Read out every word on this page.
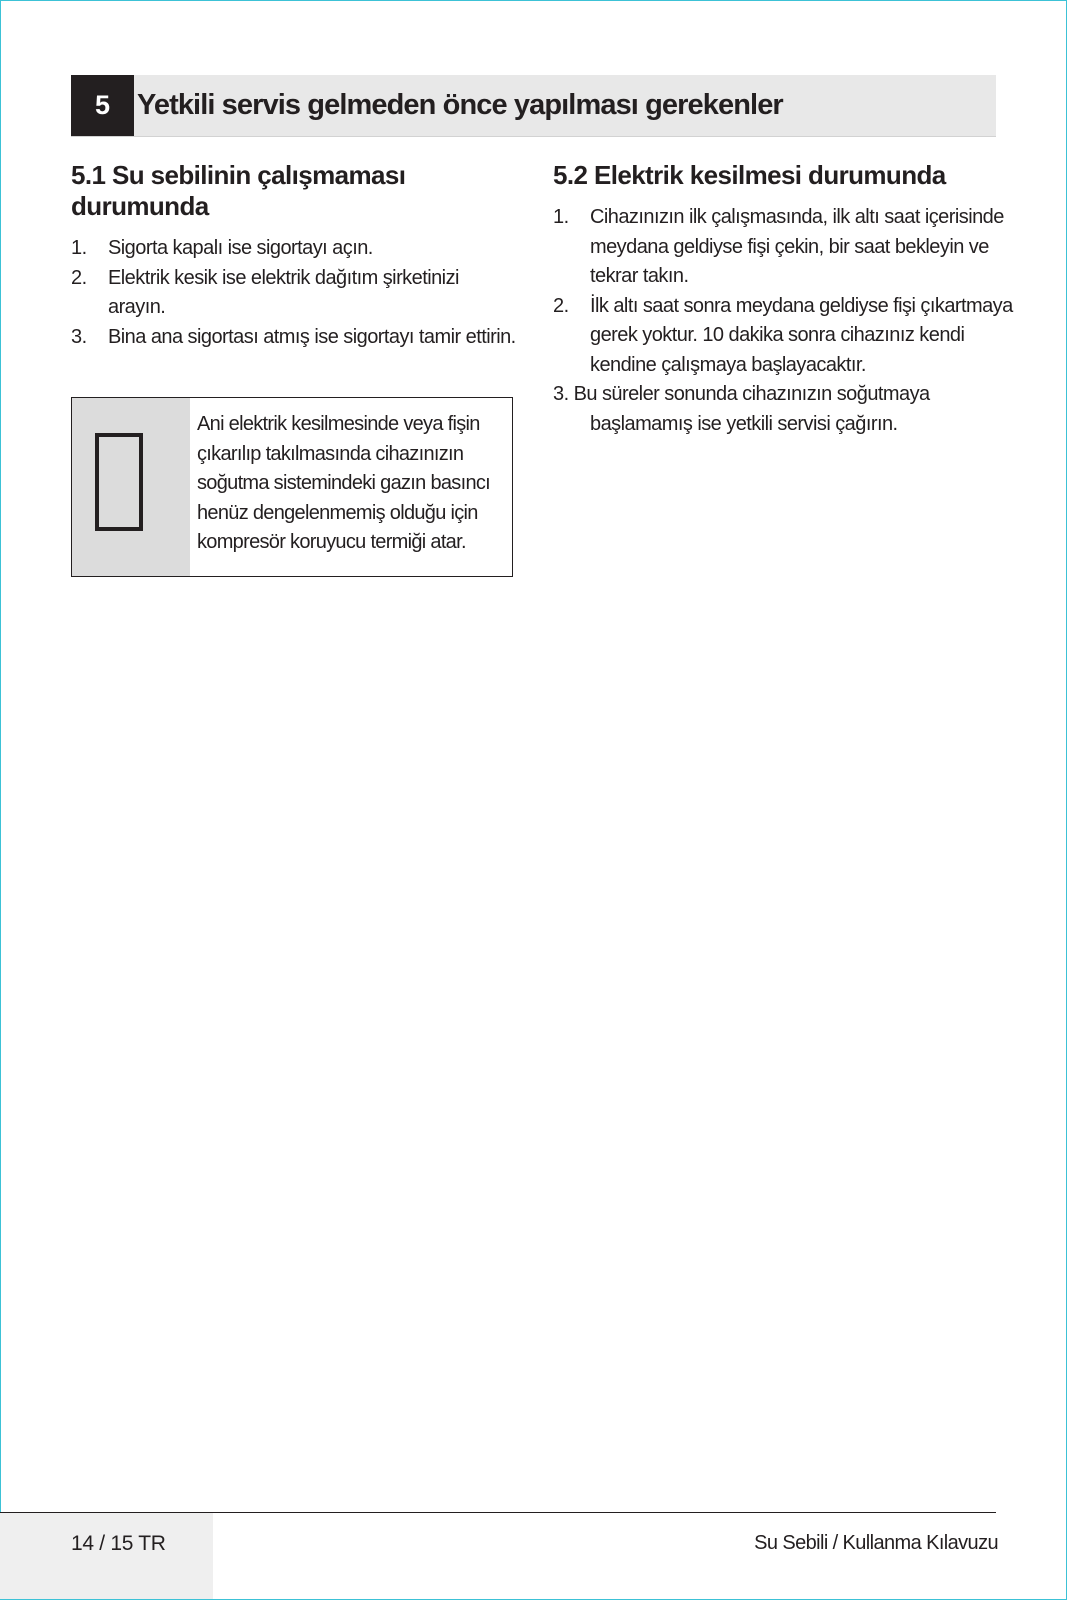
5 Yetkili servis gelmeden önce yapılması gerekenler
5.1 Su sebilinin çalışmaması durumunda
1. Sigorta kapalı ise sigortayı açın.
2. Elektrik kesik ise elektrik dağıtım şirketinizi arayın.
3. Bina ana sigortası atmış ise sigortayı tamir ettirin.
Ani elektrik kesilmesinde veya fişin çıkarılıp takılmasında cihazınızın soğutma sistemindeki gazın basıncı henüz dengelenmemiş olduğu için kompresör koruyucu termiği atar.
5.2 Elektrik kesilmesi durumunda
1. Cihazınızın ilk çalışmasında, ilk altı saat içerisinde meydana geldiyse fişi çekin, bir saat bekleyin ve tekrar takın.
2. İlk altı saat sonra meydana geldiyse fişi çıkartmaya gerek yoktur. 10 dakika sonra cihazınız kendi kendine çalışmaya başlayacaktır.
3. Bu süreler sonunda cihazınızın soğutmaya başlamamış ise yetkili servisi çağırın.
14 / 15 TR	Su Sebili / Kullanma Kılavuzu
